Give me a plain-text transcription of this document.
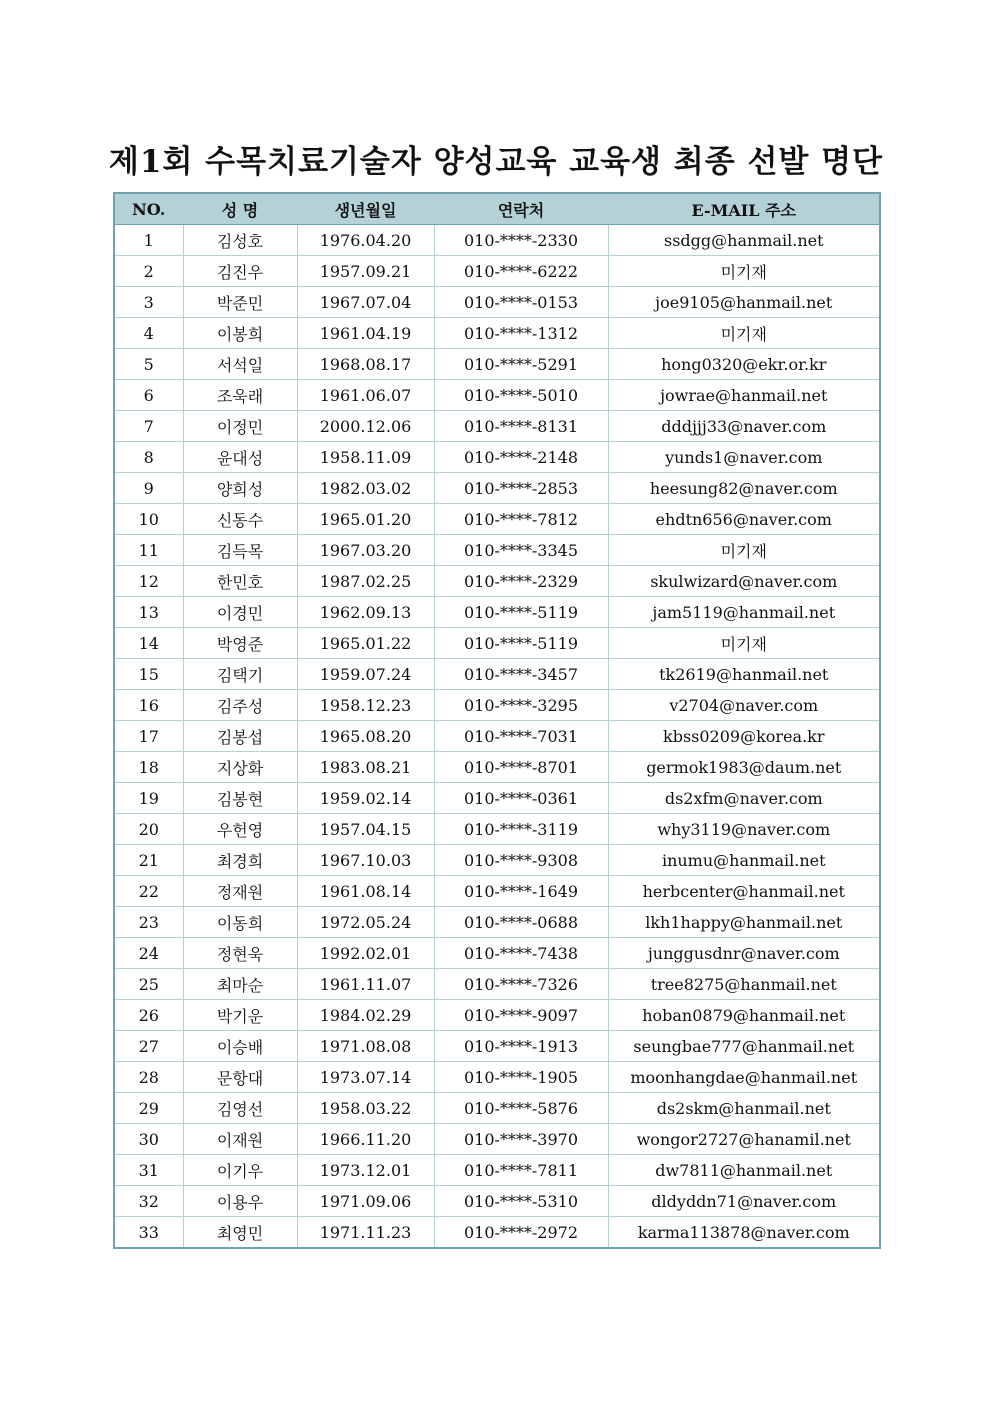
제1회 수목치료기술자 양성교육 교육생 최종 선발 명단
NO.	성 명	생년월일	연락처	E-MAIL 주소
1	김성호	1976.04.20	010-****-2330	ssdgg@hanmail.net
2	김진우	1957.09.21	010-****-6222	미기재
3	박준민	1967.07.04	010-****-0153	joe9105@hanmail.net
4	이봉희	1961.04.19	010-****-1312	미기재
5	서석일	1968.08.17	010-****-5291	hong0320@ekr.or.kr
6	조욱래	1961.06.07	010-****-5010	jowrae@hanmail.net
7	이정민	2000.12.06	010-****-8131	dddjjj33@naver.com
8	윤대성	1958.11.09	010-****-2148	yunds1@naver.com
9	양희성	1982.03.02	010-****-2853	heesung82@naver.com
10	신동수	1965.01.20	010-****-7812	ehdtn656@naver.com
11	김득목	1967.03.20	010-****-3345	미기재
12	한민호	1987.02.25	010-****-2329	skulwizard@naver.com
13	이경민	1962.09.13	010-****-5119	jam5119@hanmail.net
14	박영준	1965.01.22	010-****-5119	미기재
15	김택기	1959.07.24	010-****-3457	tk2619@hanmail.net
16	김주성	1958.12.23	010-****-3295	v2704@naver.com
17	김봉섭	1965.08.20	010-****-7031	kbss0209@korea.kr
18	지상화	1983.08.21	010-****-8701	germok1983@daum.net
19	김봉현	1959.02.14	010-****-0361	ds2xfm@naver.com
20	우헌영	1957.04.15	010-****-3119	why3119@naver.com
21	최경희	1967.10.03	010-****-9308	inumu@hanmail.net
22	정재원	1961.08.14	010-****-1649	herbcenter@hanmail.net
23	이동희	1972.05.24	010-****-0688	lkh1happy@hanmail.net
24	정현욱	1992.02.01	010-****-7438	junggusdnr@naver.com
25	최마순	1961.11.07	010-****-7326	tree8275@hanmail.net
26	박기운	1984.02.29	010-****-9097	hoban0879@hanmail.net
27	이승배	1971.08.08	010-****-1913	seungbae777@hanmail.net
28	문항대	1973.07.14	010-****-1905	moonhangdae@hanmail.net
29	김영선	1958.03.22	010-****-5876	ds2skm@hanmail.net
30	이재원	1966.11.20	010-****-3970	wongor2727@hanamil.net
31	이기우	1973.12.01	010-****-7811	dw7811@hanmail.net
32	이용우	1971.09.06	010-****-5310	dldyddn71@naver.com
33	최영민	1971.11.23	010-****-2972	karma113878@naver.com
